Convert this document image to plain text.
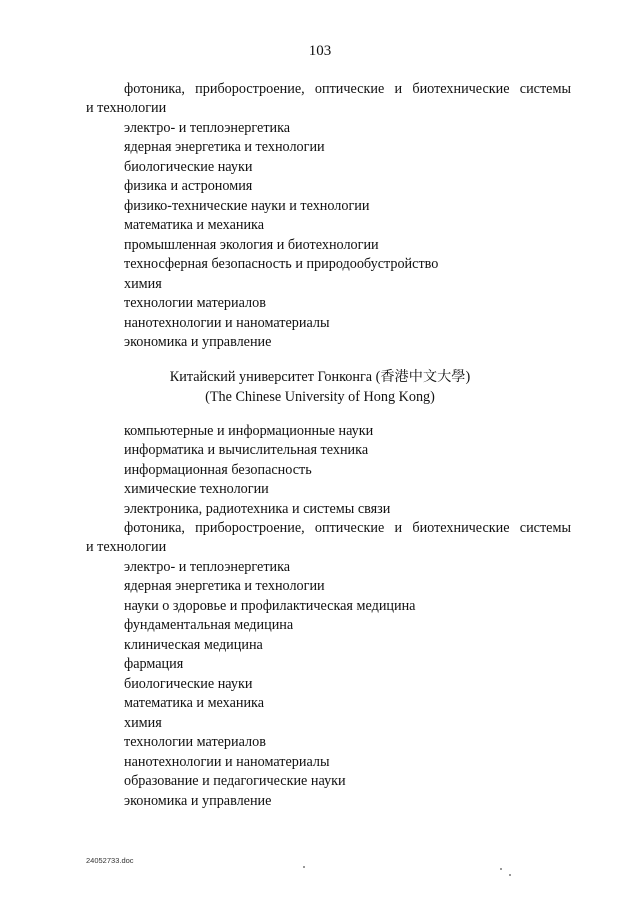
103
фотоника, приборостроение, оптические и биотехнические системы
и технологии
электро- и теплоэнергетика
ядерная энергетика и технологии
биологические науки
физика и астрономия
физико-технические науки и технологии
математика и механика
промышленная экология и биотехнологии
техносферная безопасность и природообустройство
химия
технологии материалов
нанотехнологии и наноматериалы
экономика и управление
Китайский университет Гонконга (香港中文大學)
(The Chinese University of Hong Kong)
компьютерные и информационные науки
информатика и вычислительная техника
информационная безопасность
химические технологии
электроника, радиотехника и системы связи
фотоника, приборостроение, оптические и биотехнические системы
и технологии
электро- и теплоэнергетика
ядерная энергетика и технологии
науки о здоровье и профилактическая медицина
фундаментальная медицина
клиническая медицина
фармация
биологические науки
математика и механика
химия
технологии материалов
нанотехнологии и наноматериалы
образование и педагогические науки
экономика и управление
24052733.doc
